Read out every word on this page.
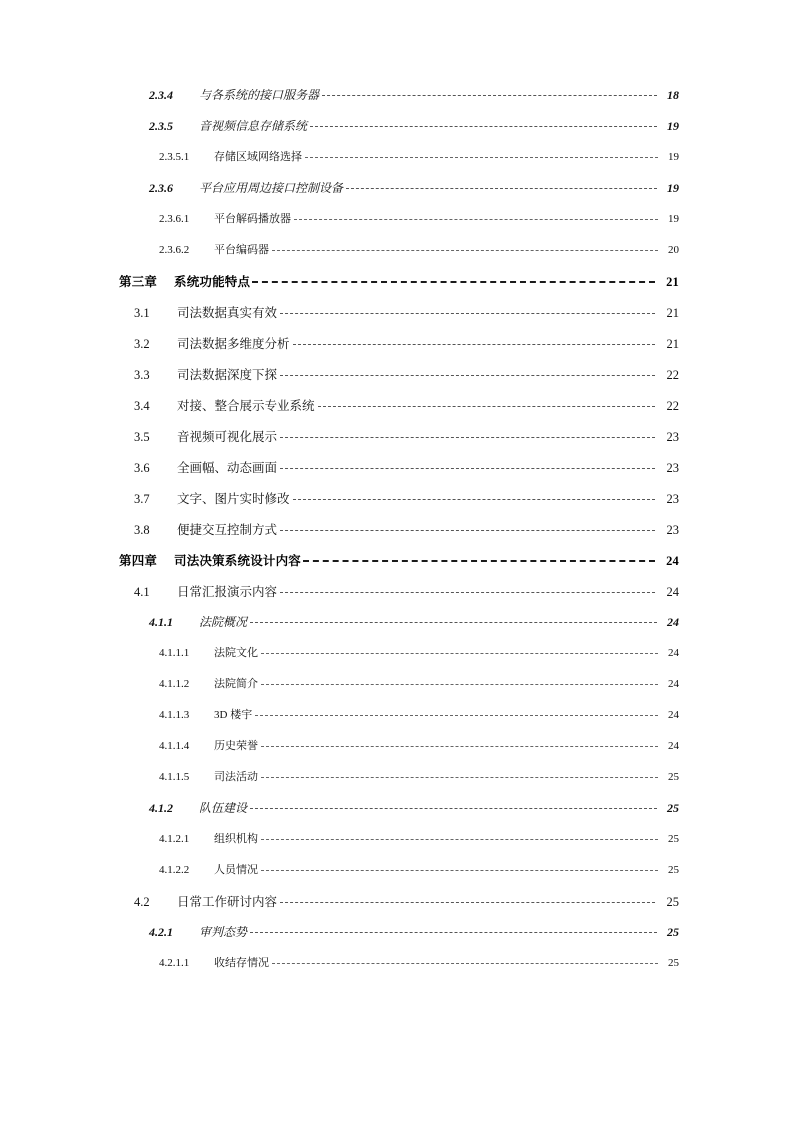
2.3.4	与各系统的接口服务器	18
2.3.5	音视频信息存储系统	19
2.3.5.1	存储区域网络选择	19
2.3.6	平台应用周边接口控制设备	19
2.3.6.1	平台解码播放器	19
2.3.6.2	平台编码器	20
第三章	系统功能特点	21
3.1	司法数据真实有效	21
3.2	司法数据多维度分析	21
3.3	司法数据深度下探	22
3.4	对接、整合展示专业系统	22
3.5	音视频可视化展示	23
3.6	全画幅、动态画面	23
3.7	文字、图片实时修改	23
3.8	便捷交互控制方式	23
第四章	司法决策系统设计内容	24
4.1	日常汇报演示内容	24
4.1.1	法院概况	24
4.1.1.1	法院文化	24
4.1.1.2	法院简介	24
4.1.1.3	3D 楼宇	24
4.1.1.4	历史荣誉	24
4.1.1.5	司法活动	25
4.1.2	队伍建设	25
4.1.2.1	组织机构	25
4.1.2.2	人员情况	25
4.2	日常工作研讨内容	25
4.2.1	审判态势	25
4.2.1.1	收结存情况	25
